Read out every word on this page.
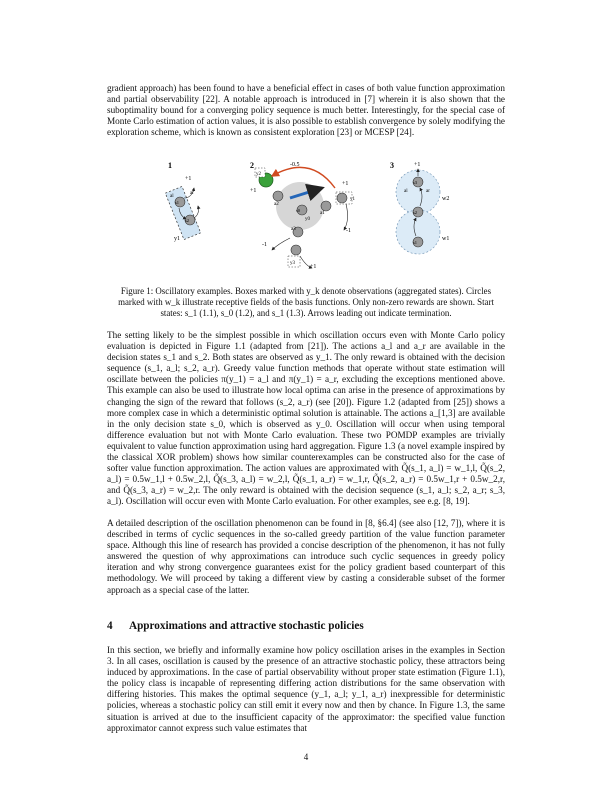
gradient approach) has been found to have a beneficial effect in cases of both value function approximation and partial observability [22]. A notable approach is introduced in [7] wherein it is also shown that the suboptimality bound for a converging policy sequence is much better. Interestingly, for the special case of Monte Carlo estimation of action values, it is also possible to establish convergence by solely modifying the exploration scheme, which is known as consistent exploration [23] or MCESP [24].

1
s1
s2
al
ar
+1
y1
2
y2
+1
-0.5
a2
s0
a1
a3
y0
y1
+1
-1
-1
y3
+1
3
s3
s2
s1
+1
al	ar
w2
w1

Figure 1: Oscillatory examples. Boxes marked with y_k denote observations (aggregated states). Circles marked with w_k illustrate receptive fields of the basis functions. Only non-zero rewards are shown. Start states: s_1 (1.1), s_0 (1.2), and s_1 (1.3). Arrows leading out indicate termination.

The setting likely to be the simplest possible in which oscillation occurs even with Monte Carlo policy evaluation is depicted in Figure 1.1 (adapted from [21]). The actions a_l and a_r are available in the decision states s_1 and s_2. Both states are observed as y_1. The only reward is obtained with the decision sequence (s_1, a_l; s_2, a_r). Greedy value function methods that operate without state estimation will oscillate between the policies π(y_1) = a_l and π(y_1) = a_r, excluding the exceptions mentioned above. This example can also be used to illustrate how local optima can arise in the presence of approximations by changing the sign of the reward that follows (s_2, a_r) (see [20]). Figure 1.2 (adapted from [25]) shows a more complex case in which a deterministic optimal solution is attainable. The actions a_[1,3] are available in the only decision state s_0, which is observed as y_0. Oscillation will occur when using temporal difference evaluation but not with Monte Carlo evaluation. These two POMDP examples are trivially equivalent to value function approximation using hard aggregation. Figure 1.3 (a novel example inspired by the classical XOR problem) shows how similar counterexamples can be constructed also for the case of softer value function approximation. The action values are approximated with Q̃(s_1, a_l) = w_1,l, Q̃(s_2, a_l) = 0.5w_1,l + 0.5w_2,l, Q̃(s_3, a_l) = w_2,l, Q̃(s_1, a_r) = w_1,r, Q̃(s_2, a_r) = 0.5w_1,r + 0.5w_2,r, and Q̃(s_3, a_r) = w_2,r. The only reward is obtained with the decision sequence (s_1, a_l; s_2, a_r; s_3, a_l). Oscillation will occur even with Monte Carlo evaluation. For other examples, see e.g. [8, 19].

A detailed description of the oscillation phenomenon can be found in [8, §6.4] (see also [12, 7]), where it is described in terms of cyclic sequences in the so-called greedy partition of the value function parameter space. Although this line of research has provided a concise description of the phenomenon, it has not fully answered the question of why approximations can introduce such cyclic sequences in greedy policy iteration and why strong convergence guarantees exist for the policy gradient based counterpart of this methodology. We will proceed by taking a different view by casting a considerable subset of the former approach as a special case of the latter.

4 Approximations and attractive stochastic policies

In this section, we briefly and informally examine how policy oscillation arises in the examples in Section 3. In all cases, oscillation is caused by the presence of an attractive stochastic policy, these attractors being induced by approximations. In the case of partial observability without proper state estimation (Figure 1.1), the policy class is incapable of representing differing action distributions for the same observation with differing histories. This makes the optimal sequence (y_1, a_l; y_1, a_r) inexpressible for deterministic policies, whereas a stochastic policy can still emit it every now and then by chance. In Figure 1.3, the same situation is arrived at due to the insufficient capacity of the approximator: the specified value function approximator cannot express such value estimates that

4
